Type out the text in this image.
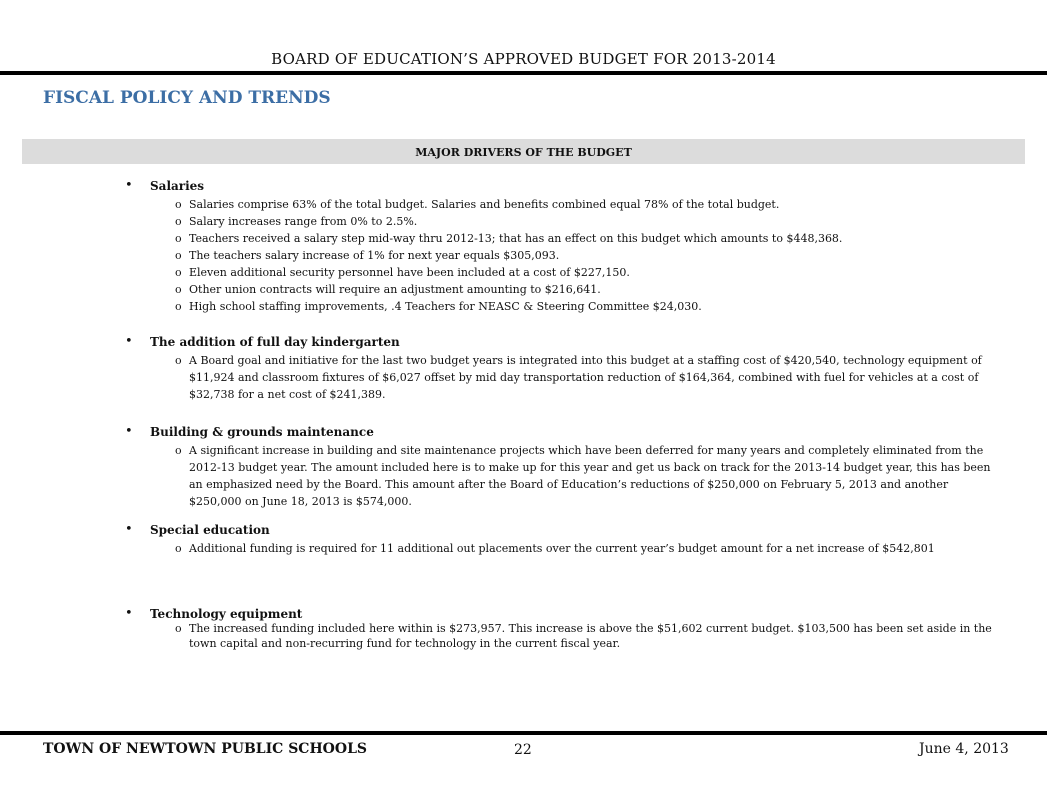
BOARD OF EDUCATION’S APPROVED BUDGET FOR 2013-2014
FISCAL POLICY AND TRENDS
MAJOR DRIVERS OF THE BUDGET
• Salaries
o Salaries comprise 63% of the total budget. Salaries and benefits combined equal 78% of the total budget.
o Salary increases range from 0% to 2.5%.
o Teachers received a salary step mid-way thru 2012-13; that has an effect on this budget which amounts to $448,368.
o The teachers salary increase of 1% for next year equals $305,093.
o Eleven additional security personnel have been included at a cost of $227,150.
o Other union contracts will require an adjustment amounting to $216,641.
o High school staffing improvements, .4 Teachers for NEASC & Steering Committee $24,030.
• The addition of full day kindergarten
o A Board goal and initiative for the last two budget years is integrated into this budget at a staffing cost of $420,540, technology equipment of $11,924 and classroom fixtures of $6,027 offset by mid day transportation reduction of $164,364, combined with fuel for vehicles at a cost of $32,738 for a net cost of $241,389.
• Building & grounds maintenance
o A significant increase in building and site maintenance projects which have been deferred for many years and completely eliminated from the 2012-13 budget year. The amount included here is to make up for this year and get us back on track for the 2013-14 budget year, this has been an emphasized need by the Board. This amount after the Board of Education’s reductions of $250,000 on February 5, 2013 and another $250,000 on June 18, 2013 is $574,000.
• Special education
o Additional funding is required for 11 additional out placements over the current year’s budget amount for a net increase of $542,801
• Technology equipment
o The increased funding included here within is $273,957. This increase is above the $51,602 current budget. $103,500 has been set aside in the town capital and non-recurring fund for technology in the current fiscal year.
TOWN OF NEWTOWN PUBLIC SCHOOLS	22	June 4, 2013
